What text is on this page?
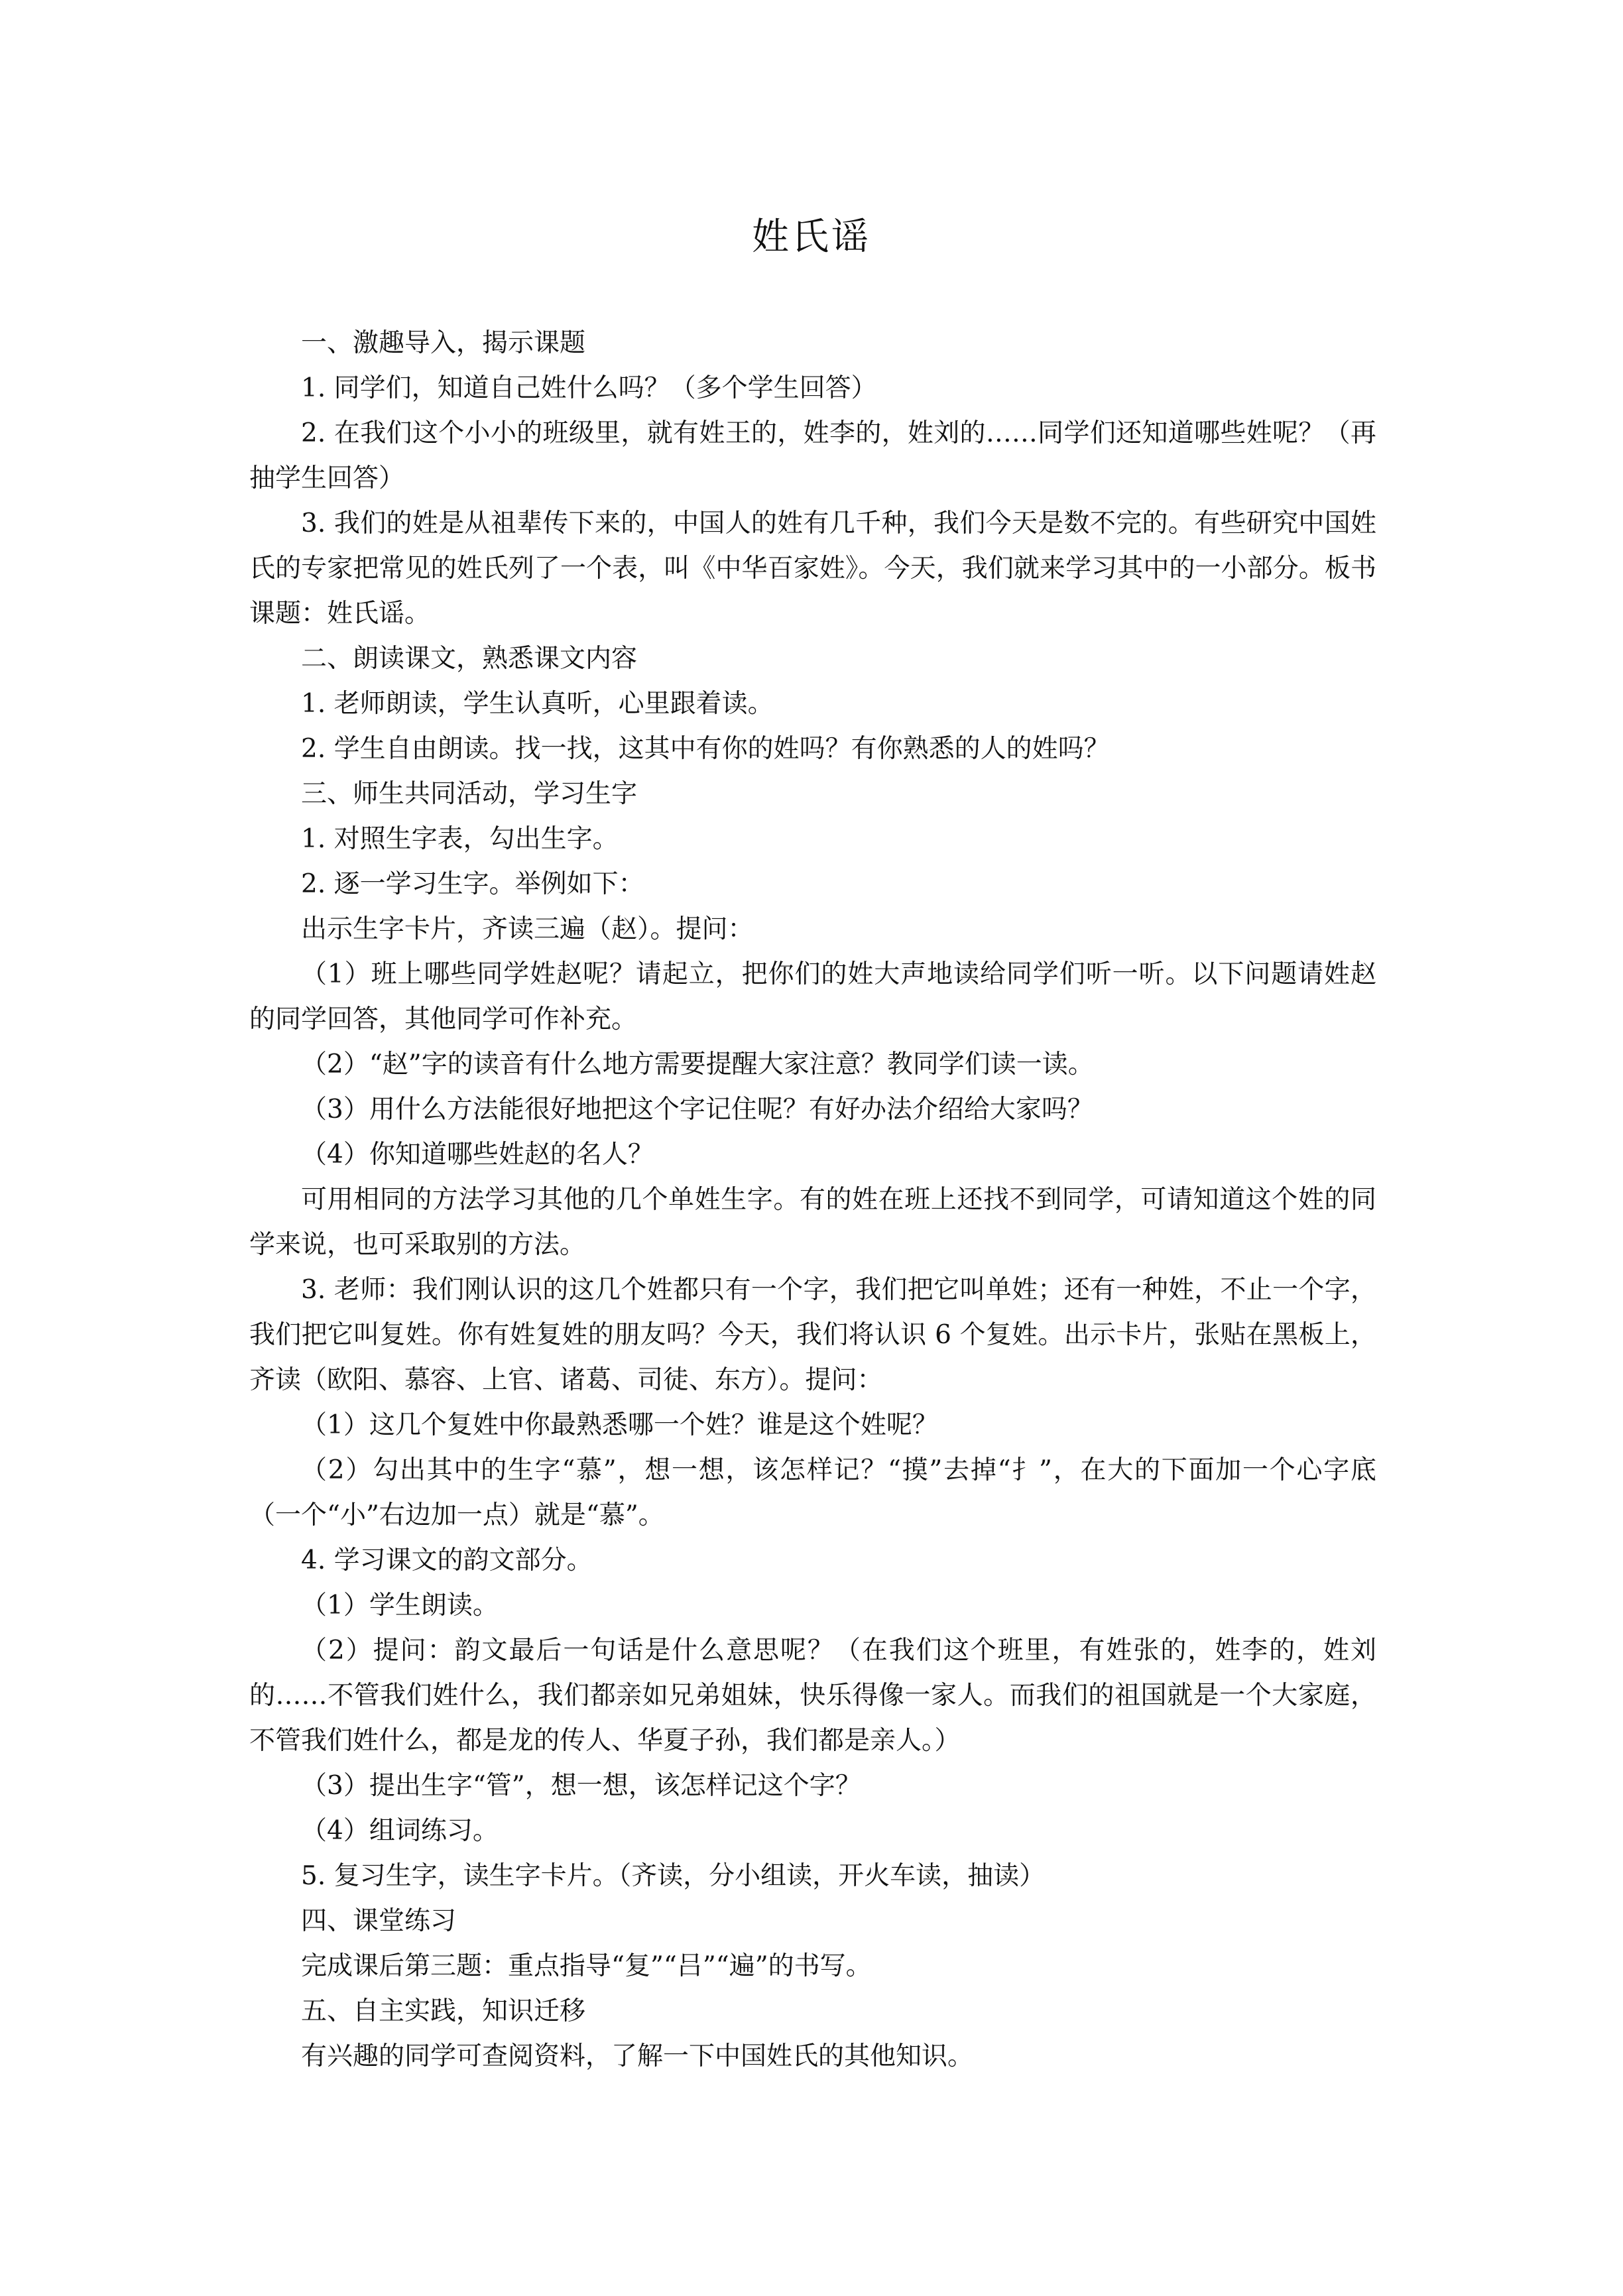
姓氏谣

一、激趣导入，揭示课题

1. 同学们，知道自己姓什么吗？（多个学生回答）

2. 在我们这个小小的班级里，就有姓王的，姓李的，姓刘的……同学们还知道哪些姓呢？（再抽学生回答）

3. 我们的姓是从祖辈传下来的，中国人的姓有几千种，我们今天是数不完的。有些研究中国姓氏的专家把常见的姓氏列了一个表，叫《中华百家姓》。今天，我们就来学习其中的一小部分。板书课题：姓氏谣。

二、朗读课文，熟悉课文内容

1. 老师朗读，学生认真听，心里跟着读。

2. 学生自由朗读。找一找，这其中有你的姓吗？有你熟悉的人的姓吗？

三、师生共同活动，学习生字

1. 对照生字表，勾出生字。

2. 逐一学习生字。举例如下：

出示生字卡片，齐读三遍（赵）。提问：

（1）班上哪些同学姓赵呢？请起立，把你们的姓大声地读给同学们听一听。以下问题请姓赵的同学回答，其他同学可作补充。

（2）“赵”字的读音有什么地方需要提醒大家注意？教同学们读一读。

（3）用什么方法能很好地把这个字记住呢？有好办法介绍给大家吗？

（4）你知道哪些姓赵的名人？

可用相同的方法学习其他的几个单姓生字。有的姓在班上还找不到同学，可请知道这个姓的同学来说，也可采取别的方法。

3. 老师：我们刚认识的这几个姓都只有一个字，我们把它叫单姓；还有一种姓，不止一个字，我们把它叫复姓。你有姓复姓的朋友吗？今天，我们将认识 6 个复姓。出示卡片，张贴在黑板上，齐读（欧阳、慕容、上官、诸葛、司徒、东方）。提问：

（1）这几个复姓中你最熟悉哪一个姓？谁是这个姓呢？

（2）勾出其中的生字“慕”，想一想，该怎样记？“摸”去掉“扌”，在大的下面加一个心字底（一个“小”右边加一点）就是“慕”。

4. 学习课文的韵文部分。

（1）学生朗读。

（2）提问：韵文最后一句话是什么意思呢？（在我们这个班里，有姓张的，姓李的，姓刘的……不管我们姓什么，我们都亲如兄弟姐妹，快乐得像一家人。而我们的祖国就是一个大家庭，不管我们姓什么，都是龙的传人、华夏子孙，我们都是亲人。）

（3）提出生字“管”，想一想，该怎样记这个字？

（4）组词练习。

5. 复习生字，读生字卡片。（齐读，分小组读，开火车读，抽读）

四、课堂练习

完成课后第三题：重点指导“复”“吕”“遍”的书写。

五、自主实践，知识迁移

有兴趣的同学可查阅资料，了解一下中国姓氏的其他知识。
